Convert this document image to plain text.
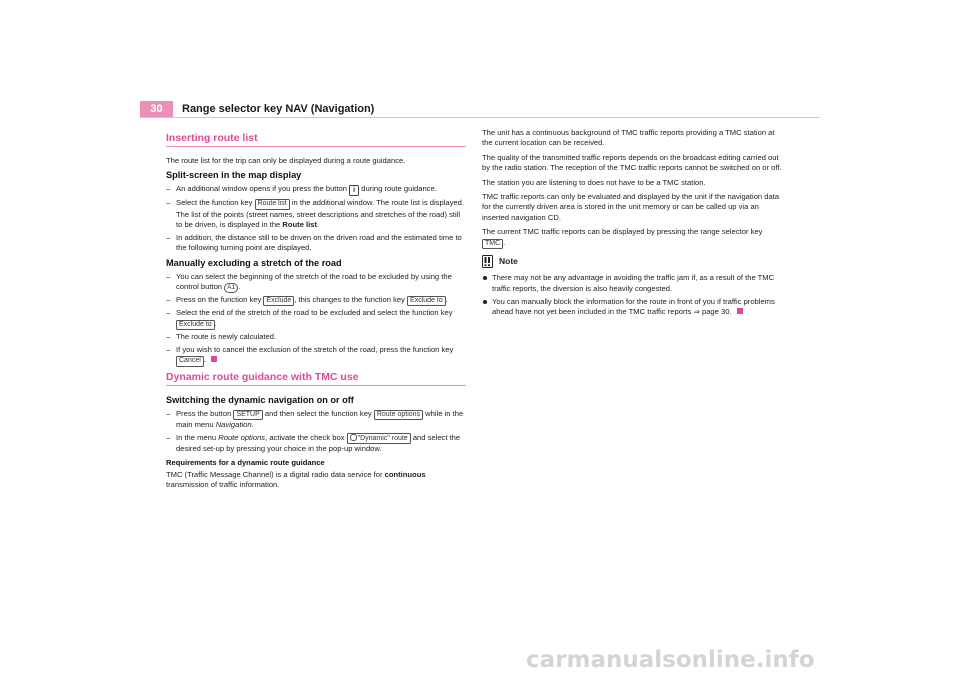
30	Range selector key NAV (Navigation)
Inserting route list

The route list for the trip can only be displayed during a route guidance.

Split-screen in the map display
– An additional window opens if you press the button i during route guidance.
– Select the function key Route list in the additional window. The route list is displayed. The list of the points (street names, street descriptions and stretches of the road) still to be driven, is displayed in the Route list.
– In addition, the distance still to be driven on the driven road and the estimated time to the following turning point are displayed.
Manually excluding a stretch of the road
– You can select the beginning of the stretch of the road to be excluded by using the control button A1 .
– Press on the function key Exclude , this changes to the function key Exclude to .
– Select the end of the stretch of the road to be excluded and select the function key
Exclude to .
– The route is newly calculated.
– If you wish to cancel the exclusion of the stretch of the road, press the function key
Cancel .
Dynamic route guidance with TMC use
Switching the dynamic navigation on or off
– Press the button SETUP and then select the function key Route options while in the main menu Navigation.
– In the menu Route options, activate the check box "Dynamic" route and select the desired set-up by pressing your choice in the pop-up window.
Requirements for a dynamic route guidance

TMC (Traffic Message Channel) is a digital radio data service for continuous transmission of traffic information.

The unit has a continuous background of TMC traffic reports providing a TMC station at the current location can be received.

The quality of the transmitted traffic reports depends on the broadcast editing carried out by the radio station. The reception of the TMC traffic reports cannot be switched on or off.

The station you are listening to does not have to be a TMC station.

TMC traffic reports can only be evaluated and displayed by the unit if the navigation data for the currently driven area is stored in the unit memory or can be called up via an inserted navigation CD.

The current TMC traffic reports can be displayed by pressing the range selector key
TMC .

Note
There may not be any advantage in avoiding the traffic jam if, as a result of the TMC traffic reports, the diversion is also heavily congested.
You can manually block the information for the route in front of you if traffic problems ahead have not yet been included in the TMC traffic reports ⇒ page 30.
carmanualsonline.info
